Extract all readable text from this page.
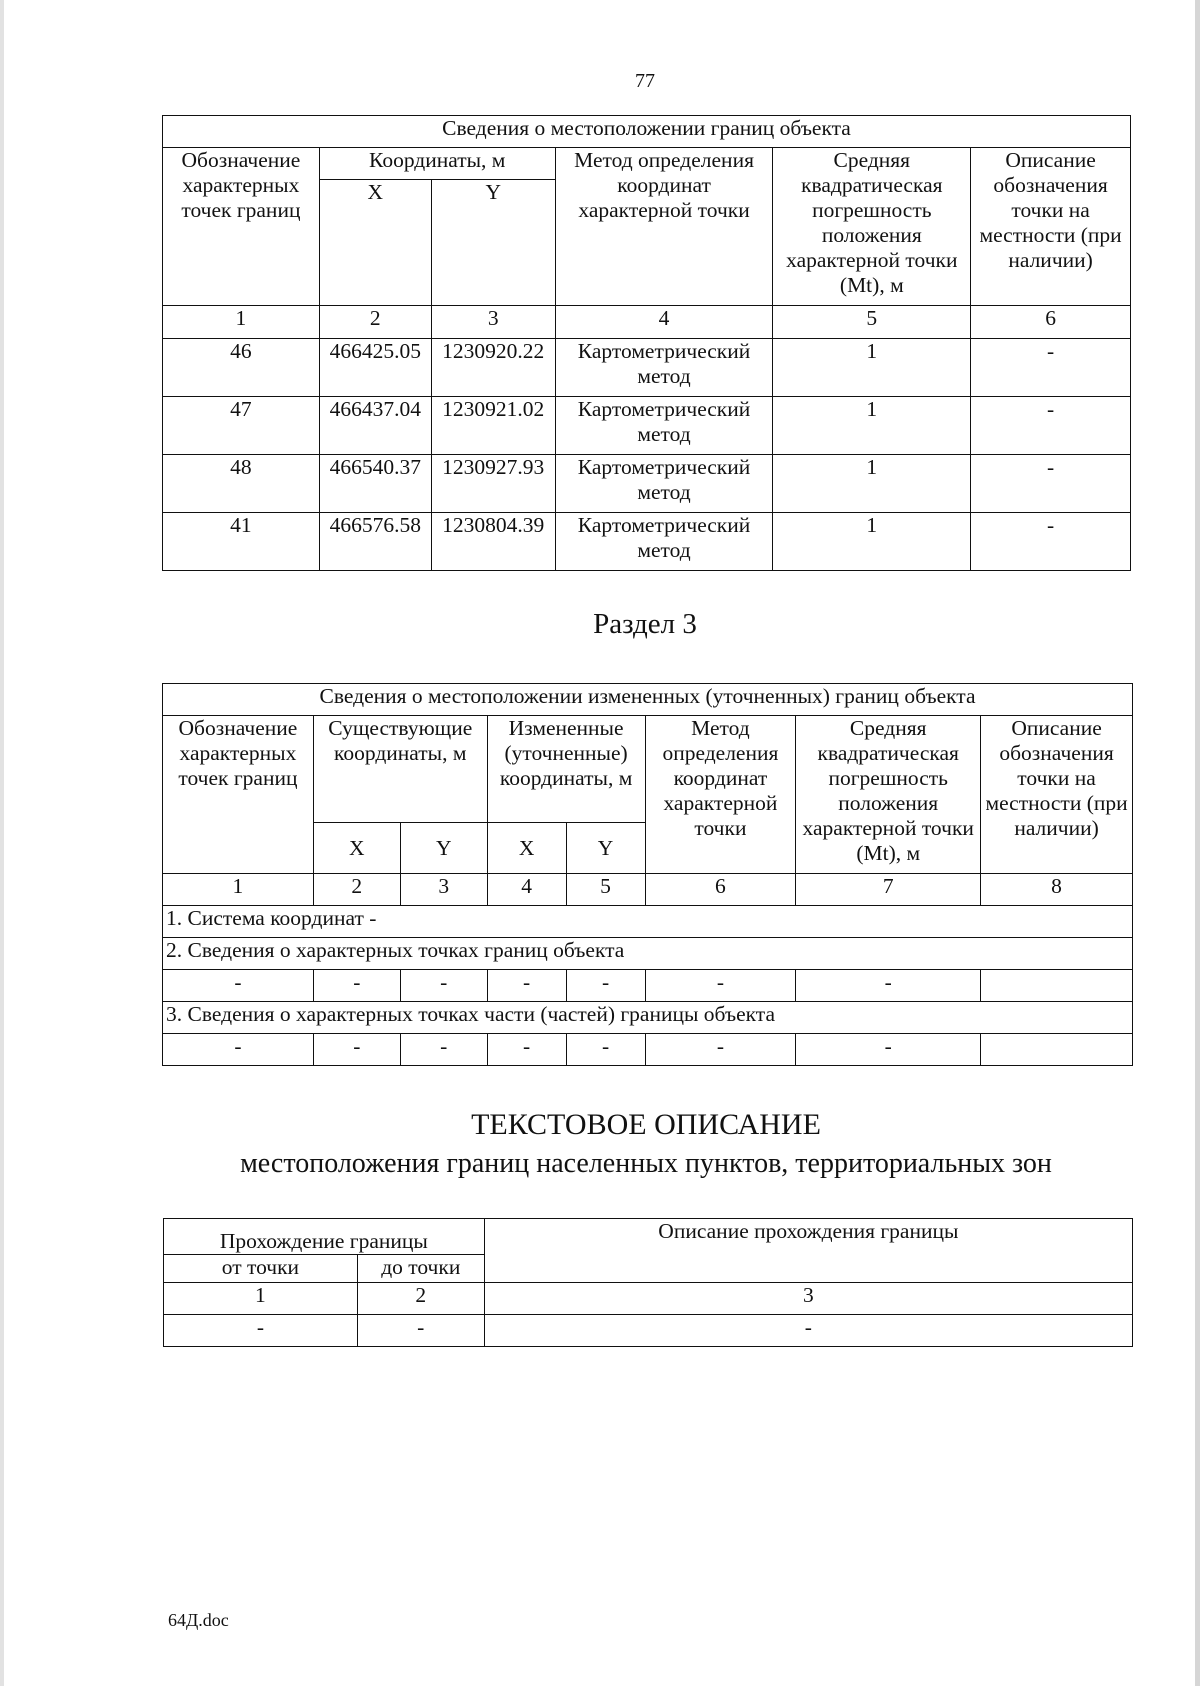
77
Сведения о местоположении границ объекта					
Обозначение характерных точек границ	Координаты, м		Метод определения координат характерной точки	Средняя квадратическая погрешность положения характерной точки (Mt), м	Описание обозначения точки на местности (при наличии)
	X	Y			
1	2	3	4	5	6
46	466425.05	1230920.22	Картометрический метод	1	-
47	466437.04	1230921.02	Картометрический метод	1	-
48	466540.37	1230927.93	Картометрический метод	1	-
41	466576.58	1230804.39	Картометрический метод	1	-
Раздел 3
Сведения о местоположении измененных (уточненных) границ объекта							
Обозначение характерных точек границ	Существующие координаты, м		Измененные (уточненные) координаты, м		Метод определения координат характерной точки	Средняя квадратическая погрешность положения характерной точки (Mt), м	Описание обозначения точки на местности (при наличии)
	X	Y	X	Y			
1	2	3	4	5	6	7	8
1. Система координат -							
2. Сведения о характерных точках границ объекта							
-	-	-	-	-	-	-	
3. Сведения о характерных точках части (частей) границы объекта							
-	-	-	-	-	-	-	
ТЕКСТОВОЕ ОПИСАНИЕ
местоположения границ населенных пунктов, территориальных зон
Прохождение границы		Описание прохождения границы
от точки	до точки	
1	2	3
-	-	-
64Д.doc
